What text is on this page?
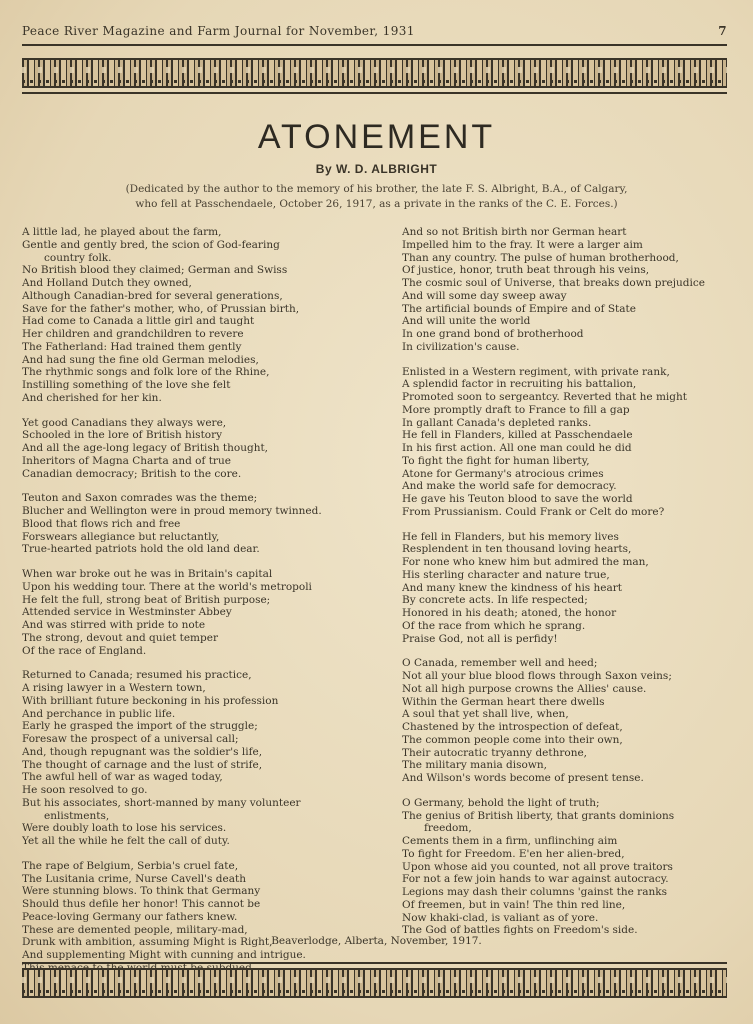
Peace River Magazine and Farm Journal for November, 1931	7
ATONEMENT
By W. D. ALBRIGHT
(Dedicated by the author to the memory of his brother, the late F. S. Albright, B.A., of Calgary,
who fell at Passchendaele, October 26, 1917, as a private in the ranks of the C. E. Forces.)
A little lad, he played about the farm,
Gentle and gently bred, the scion of God-fearing
country folk.
No British blood they claimed; German and Swiss
And Holland Dutch they owned,
Although Canadian-bred for several generations,
Save for the father's mother, who, of Prussian birth,
Had come to Canada a little girl and taught
Her children and grandchildren to revere
The Fatherland: Had trained them gently
And had sung the fine old German melodies,
The rhythmic songs and folk lore of the Rhine,
Instilling something of the love she felt
And cherished for her kin.
Yet good Canadians they always were,
Schooled in the lore of British history
And all the age-long legacy of British thought,
Inheritors of Magna Charta and of true
Canadian democracy; British to the core.
Teuton and Saxon comrades was the theme;
Blucher and Wellington were in proud memory twinned.
Blood that flows rich and free
Forswears allegiance but reluctantly,
True-hearted patriots hold the old land dear.
When war broke out he was in Britain's capital
Upon his wedding tour. There at the world's metropoli
He felt the full, strong beat of British purpose;
Attended service in Westminster Abbey
And was stirred with pride to note
The strong, devout and quiet temper
Of the race of England.
Returned to Canada; resumed his practice,
A rising lawyer in a Western town,
With brilliant future beckoning in his profession
And perchance in public life.
Early he grasped the import of the struggle;
Foresaw the prospect of a universal call;
And, though repugnant was the soldier's life,
The thought of carnage and the lust of strife,
The awful hell of war as waged today,
He soon resolved to go.
But his associates, short-manned by many volunteer
enlistments,
Were doubly loath to lose his services.
Yet all the while he felt the call of duty.
The rape of Belgium, Serbia's cruel fate,
The Lusitania crime, Nurse Cavell's death
Were stunning blows. To think that Germany
Should thus defile her honor! This cannot be
Peace-loving Germany our fathers knew.
These are demented people, military-mad,
Drunk with ambition, assuming Might is Right,
And supplementing Might with cunning and intrigue.
And so not British birth nor German heart
Impelled him to the fray. It were a larger aim
Than any country. The pulse of human brotherhood,
Of justice, honor, truth beat through his veins,
The cosmic soul of Universe, that breaks down prejudice
And will some day sweep away
The artificial bounds of Empire and of State
And will unite the world
In one grand bond of brotherhood
In civilization's cause.
Enlisted in a Western regiment, with private rank,
A splendid factor in recruiting his battalion,
Promoted soon to sergeantcy. Reverted that he might
More promptly draft to France to fill a gap
In gallant Canada's depleted ranks.
He fell in Flanders, killed at Passchendaele
In his first action. All one man could he did
To fight the fight for human liberty,
Atone for Germany's atrocious crimes
And make the world safe for democracy.
He gave his Teuton blood to save the world
From Prussianism. Could Frank or Celt do more?
He fell in Flanders, but his memory lives
Resplendent in ten thousand loving hearts,
For none who knew him but admired the man,
His sterling character and nature true,
And many knew the kindness of his heart
By concrete acts. In life respected;
Honored in his death; atoned, the honor
Of the race from which he sprang.
Praise God, not all is perfidy!
O Canada, remember well and heed;
Not all your blue blood flows through Saxon veins;
Not all high purpose crowns the Allies' cause.
Within the German heart there dwells
A soul that yet shall live, when,
Chastened by the introspection of defeat,
The common people come into their own,
Their autocratic tryanny dethrone,
The military mania disown,
And Wilson's words become of present tense.
O Germany, behold the light of truth;
The genius of British liberty, that grants dominions
freedom,
Cements them in a firm, unflinching aim
To fight for Freedom. E'en her alien-bred,
Upon whose aid you counted, not all prove traitors
For not a few join hands to war against autocracy.
Legions may dash their columns 'gainst the ranks
Of freemen, but in vain! The thin red line,
Now khaki-clad, is valiant as of yore.
The God of battles fights on Freedom's side.
Beaverlodge, Alberta, November, 1917.
